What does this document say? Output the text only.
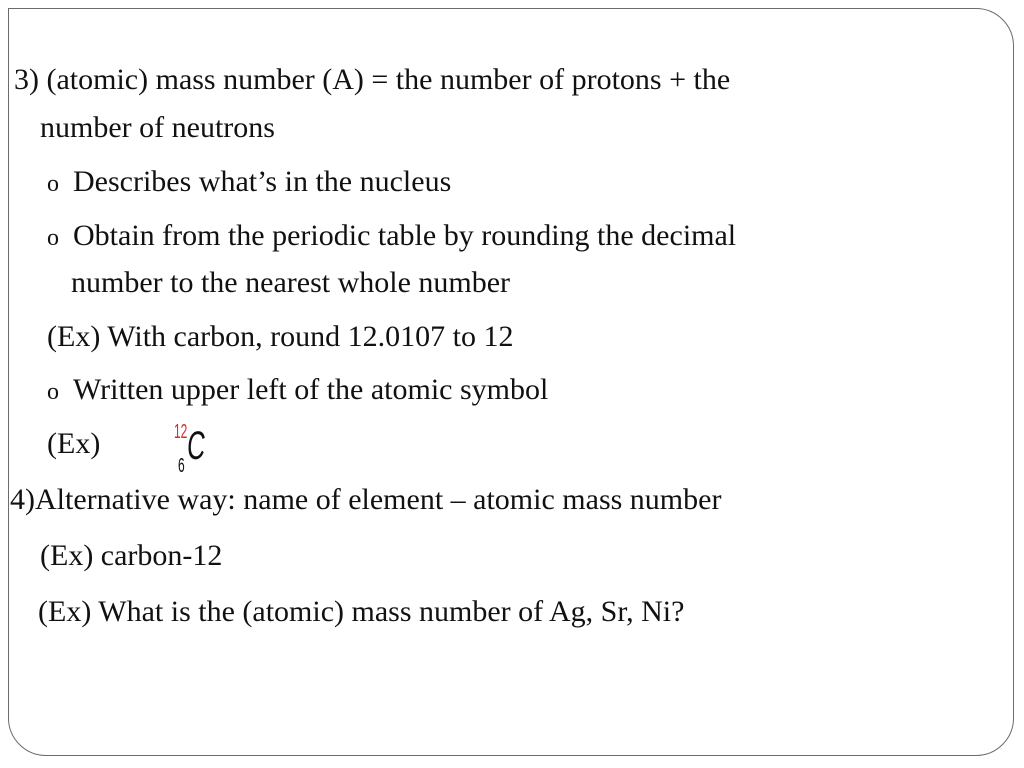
3) (atomic) mass number (A) = the number of protons + the
number of neutrons
o Describes what’s in the nucleus
o Obtain from the periodic table by rounding the decimal
number to the nearest whole number
(Ex) With carbon, round 12.0107 to 12
o Written upper left of the atomic symbol
(Ex)	12
6 C
4)Alternative way: name of element – atomic mass number
(Ex) carbon-12
(Ex) What is the (atomic) mass number of Ag, Sr, Ni?
